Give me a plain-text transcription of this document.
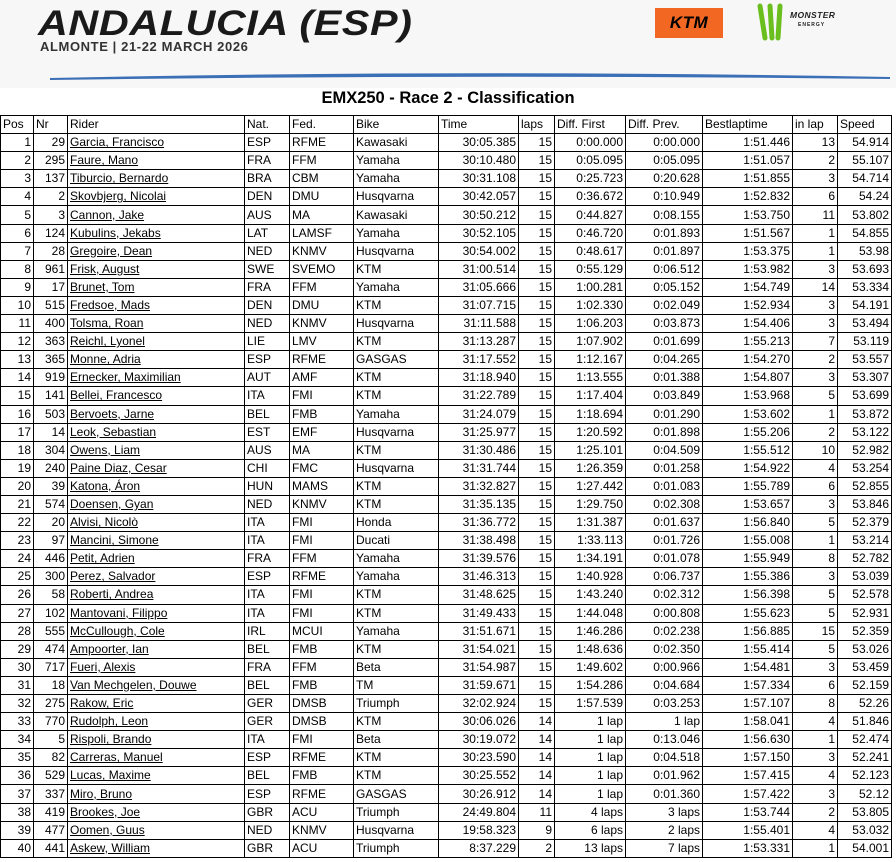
ANDALUCIA (ESP)
ALMONTE | 21-22 MARCH 2026
KTM	MONSTER
ENERGY
EMX250 - Race 2 - Classification
Pos	Nr	Rider	Nat.	Fed.	Bike	Time	laps	Diff. First	Diff. Prev.	Bestlaptime	in lap	Speed
1	29	Garcia, Francisco	ESP	RFME	Kawasaki	30:05.385	15	0:00.000	0:00.000	1:51.446	13	54.914
2	295	Faure, Mano	FRA	FFM	Yamaha	30:10.480	15	0:05.095	0:05.095	1:51.057	2	55.107
3	137	Tiburcio, Bernardo	BRA	CBM	Yamaha	30:31.108	15	0:25.723	0:20.628	1:51.855	3	54.714
4	2	Skovbjerg, Nicolai	DEN	DMU	Husqvarna	30:42.057	15	0:36.672	0:10.949	1:52.832	6	54.24
5	3	Cannon, Jake	AUS	MA	Kawasaki	30:50.212	15	0:44.827	0:08.155	1:53.750	11	53.802
6	124	Kubulins, Jekabs	LAT	LAMSF	Yamaha	30:52.105	15	0:46.720	0:01.893	1:51.567	1	54.855
7	28	Gregoire, Dean	NED	KNMV	Husqvarna	30:54.002	15	0:48.617	0:01.897	1:53.375	1	53.98
8	961	Frisk, August	SWE	SVEMO	KTM	31:00.514	15	0:55.129	0:06.512	1:53.982	3	53.693
9	17	Brunet, Tom	FRA	FFM	Yamaha	31:05.666	15	1:00.281	0:05.152	1:54.749	14	53.334
10	515	Fredsoe, Mads	DEN	DMU	KTM	31:07.715	15	1:02.330	0:02.049	1:52.934	3	54.191
11	400	Tolsma, Roan	NED	KNMV	Husqvarna	31:11.588	15	1:06.203	0:03.873	1:54.406	3	53.494
12	363	Reichl, Lyonel	LIE	LMV	KTM	31:13.287	15	1:07.902	0:01.699	1:55.213	7	53.119
13	365	Monne, Adria	ESP	RFME	GASGAS	31:17.552	15	1:12.167	0:04.265	1:54.270	2	53.557
14	919	Ernecker, Maximilian	AUT	AMF	KTM	31:18.940	15	1:13.555	0:01.388	1:54.807	3	53.307
15	141	Bellei, Francesco	ITA	FMI	KTM	31:22.789	15	1:17.404	0:03.849	1:53.968	5	53.699
16	503	Bervoets, Jarne	BEL	FMB	Yamaha	31:24.079	15	1:18.694	0:01.290	1:53.602	1	53.872
17	14	Leok, Sebastian	EST	EMF	Husqvarna	31:25.977	15	1:20.592	0:01.898	1:55.206	2	53.122
18	304	Owens, Liam	AUS	MA	KTM	31:30.486	15	1:25.101	0:04.509	1:55.512	10	52.982
19	240	Paine Diaz, Cesar	CHI	FMC	Husqvarna	31:31.744	15	1:26.359	0:01.258	1:54.922	4	53.254
20	39	Katona, Áron	HUN	MAMS	KTM	31:32.827	15	1:27.442	0:01.083	1:55.789	6	52.855
21	574	Doensen, Gyan	NED	KNMV	KTM	31:35.135	15	1:29.750	0:02.308	1:53.657	3	53.846
22	20	Alvisi, Nicolò	ITA	FMI	Honda	31:36.772	15	1:31.387	0:01.637	1:56.840	5	52.379
23	97	Mancini, Simone	ITA	FMI	Ducati	31:38.498	15	1:33.113	0:01.726	1:55.008	1	53.214
24	446	Petit, Adrien	FRA	FFM	Yamaha	31:39.576	15	1:34.191	0:01.078	1:55.949	8	52.782
25	300	Perez, Salvador	ESP	RFME	Yamaha	31:46.313	15	1:40.928	0:06.737	1:55.386	3	53.039
26	58	Roberti, Andrea	ITA	FMI	KTM	31:48.625	15	1:43.240	0:02.312	1:56.398	5	52.578
27	102	Mantovani, Filippo	ITA	FMI	KTM	31:49.433	15	1:44.048	0:00.808	1:55.623	5	52.931
28	555	McCullough, Cole	IRL	MCUI	Yamaha	31:51.671	15	1:46.286	0:02.238	1:56.885	15	52.359
29	474	Ampoorter, Ian	BEL	FMB	KTM	31:54.021	15	1:48.636	0:02.350	1:55.414	5	53.026
30	717	Fueri, Alexis	FRA	FFM	Beta	31:54.987	15	1:49.602	0:00.966	1:54.481	3	53.459
31	18	Van Mechgelen, Douwe	BEL	FMB	TM	31:59.671	15	1:54.286	0:04.684	1:57.334	6	52.159
32	275	Rakow, Eric	GER	DMSB	Triumph	32:02.924	15	1:57.539	0:03.253	1:57.107	8	52.26
33	770	Rudolph, Leon	GER	DMSB	KTM	30:06.026	14	1 lap	1 lap	1:58.041	4	51.846
34	5	Rispoli, Brando	ITA	FMI	Beta	30:19.072	14	1 lap	0:13.046	1:56.630	1	52.474
35	82	Carreras, Manuel	ESP	RFME	KTM	30:23.590	14	1 lap	0:04.518	1:57.150	3	52.241
36	529	Lucas, Maxime	BEL	FMB	KTM	30:25.552	14	1 lap	0:01.962	1:57.415	4	52.123
37	337	Miro, Bruno	ESP	RFME	GASGAS	30:26.912	14	1 lap	0:01.360	1:57.422	3	52.12
38	419	Brookes, Joe	GBR	ACU	Triumph	24:49.804	11	4 laps	3 laps	1:53.744	2	53.805
39	477	Oomen, Guus	NED	KNMV	Husqvarna	19:58.323	9	6 laps	2 laps	1:55.401	4	53.032
40	441	Askew, William	GBR	ACU	Triumph	8:37.229	2	13 laps	7 laps	1:53.331	1	54.001
